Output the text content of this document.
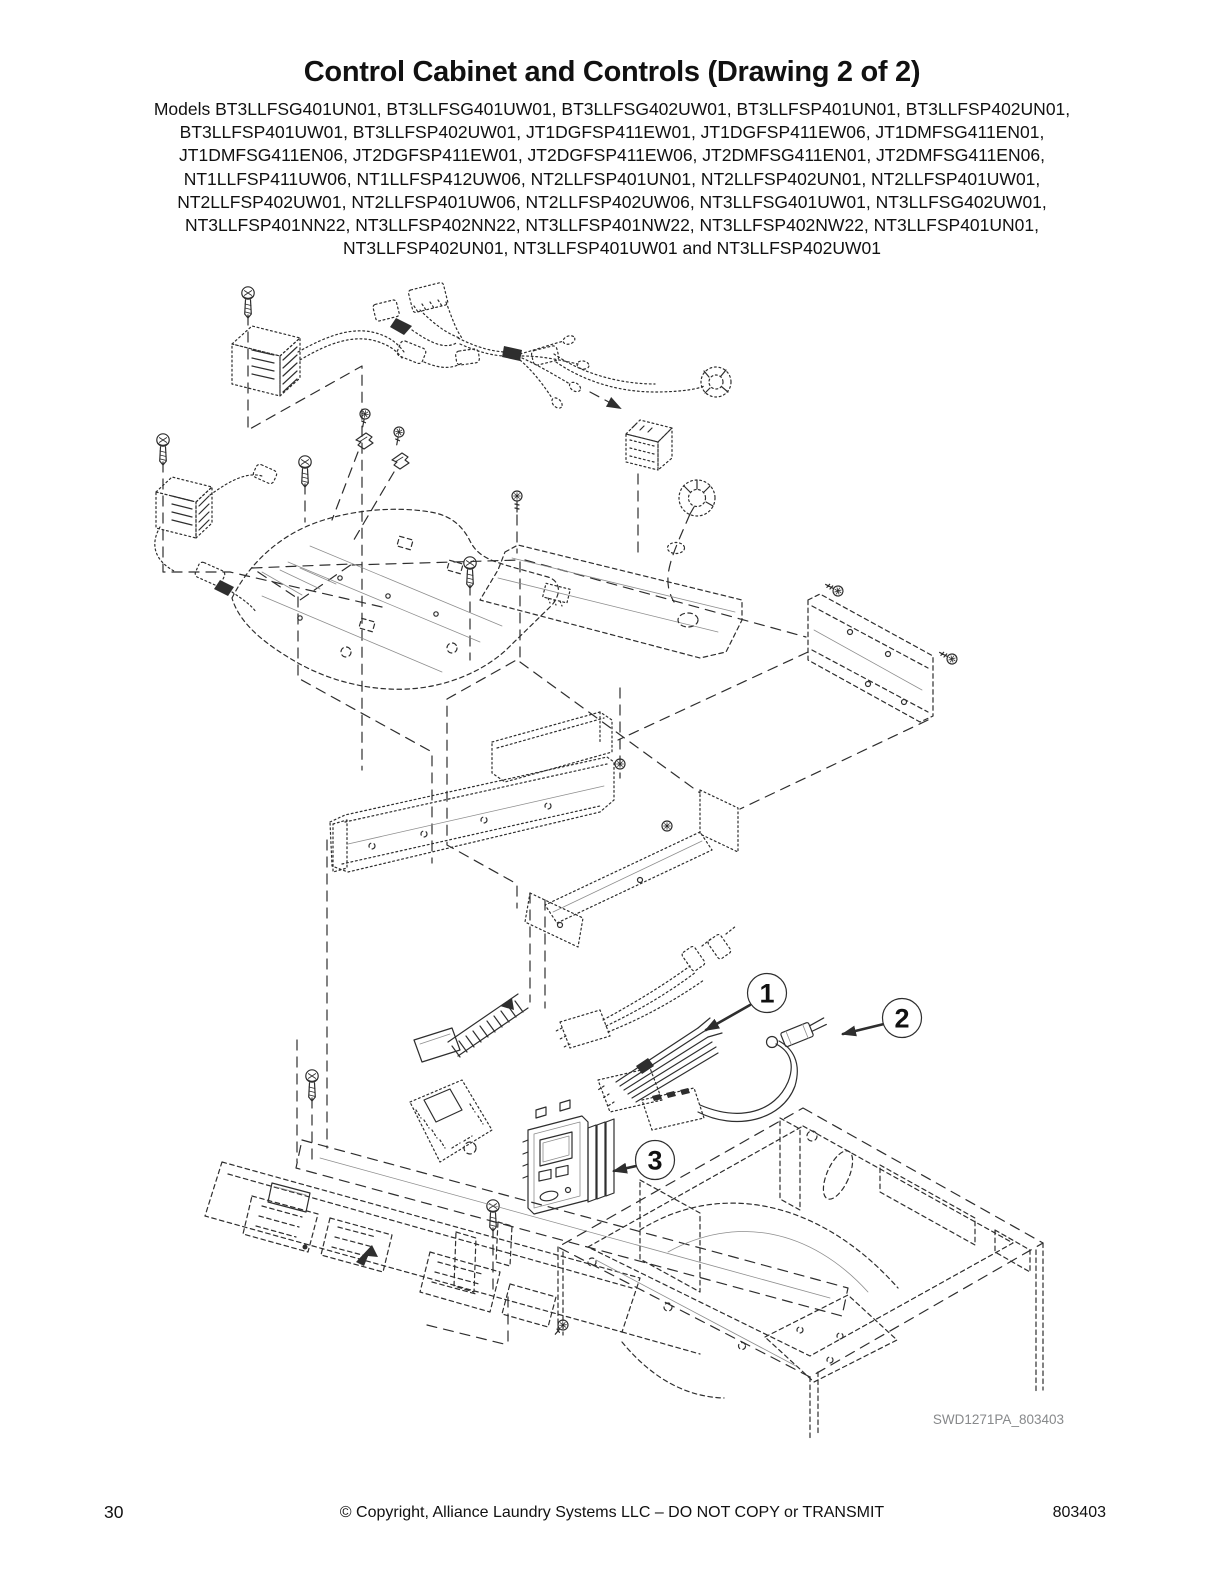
Control Cabinet and Controls (Drawing 2 of 2)
Models BT3LLFSG401UN01, BT3LLFSG401UW01, BT3LLFSG402UW01, BT3LLFSP401UN01, BT3LLFSP402UN01,
BT3LLFSP401UW01, BT3LLFSP402UW01, JT1DGFSP411EW01, JT1DGFSP411EW06, JT1DMFSG411EN01,
JT1DMFSG411EN06, JT2DGFSP411EW01, JT2DGFSP411EW06, JT2DMFSG411EN01, JT2DMFSG411EN06,
NT1LLFSP411UW06, NT1LLFSP412UW06, NT2LLFSP401UN01, NT2LLFSP402UN01, NT2LLFSP401UW01,
NT2LLFSP402UW01, NT2LLFSP401UW06, NT2LLFSP402UW06, NT3LLFSG401UW01, NT3LLFSG402UW01,
NT3LLFSP401NN22, NT3LLFSP402NN22, NT3LLFSP401NW22, NT3LLFSP402NW22, NT3LLFSP401UN01,
NT3LLFSP402UN01, NT3LLFSP401UW01 and NT3LLFSP402UW01
1
2
3
SWD1271PA_803403
30	© Copyright, Alliance Laundry Systems LLC – DO NOT COPY or TRANSMIT	803403
